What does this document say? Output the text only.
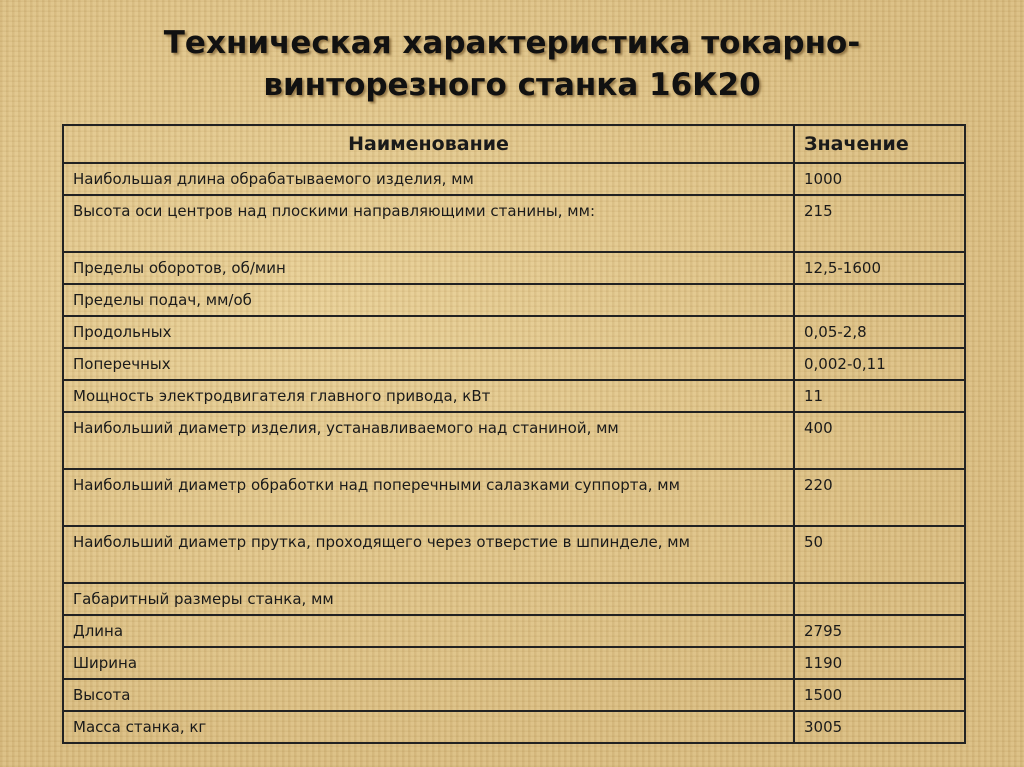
Техническая характеристика токарно-
винторезного станка 16К20
Наименование	Значение
Наибольшая длина обрабатываемого изделия, мм	1000
Высота оси центров над плоскими направляющими станины, мм:	215
Пределы оборотов, об/мин	12,5-1600
Пределы подач, мм/об	
Продольных	0,05-2,8
Поперечных	0,002-0,11
Мощность электродвигателя главного привода, кВт	11
Наибольший диаметр изделия, устанавливаемого над станиной, мм	400
Наибольший диаметр обработки над поперечными салазками суппорта, мм	220
Наибольший диаметр прутка, проходящего через отверстие в шпинделе, мм	50
Габаритный размеры станка, мм	
Длина	2795
Ширина	1190
Высота	1500
Масса станка, кг	3005
